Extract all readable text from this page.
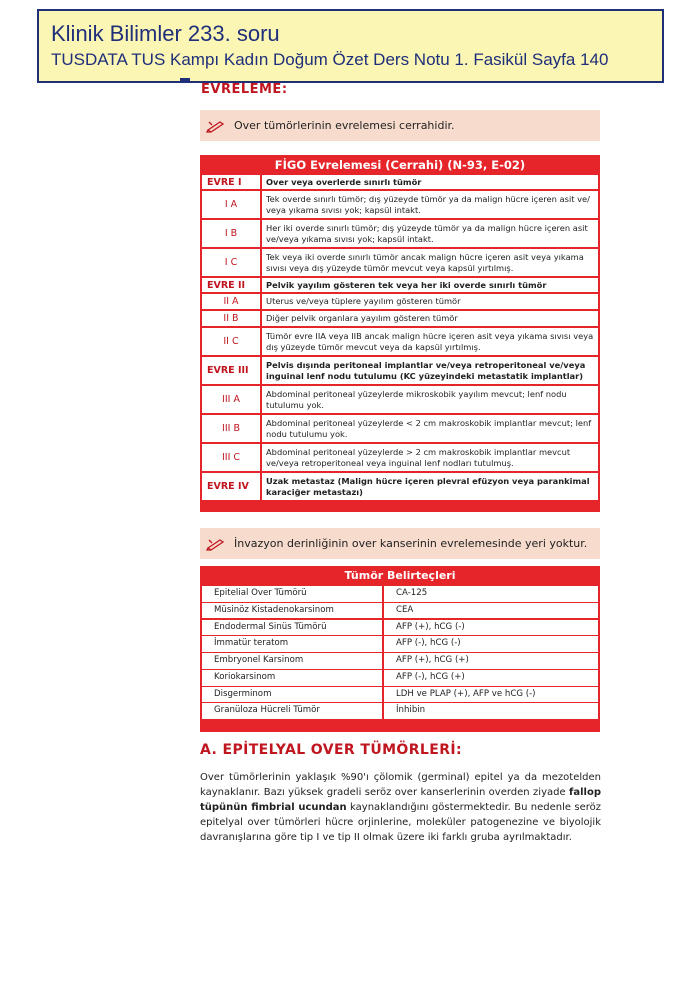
Klinik Bilimler 233. soru
TUSDATA TUS Kampı Kadın Doğum Özet Ders Notu 1. Fasikül Sayfa 140
EVRELEME:
Over tümörlerinin evrelemesi cerrahidir.
FİGO Evrelemesi (Cerrahi) (N-93, E-02)
EVRE I	Over veya overlerde sınırlı tümör
I A	Tek overde sınırlı tümör; dış yüzeyde tümör ya da malign hücre içeren asit ve/ veya yıkama sıvısı yok; kapsül intakt.
I B	Her iki overde sınırlı tümör; dış yüzeyde tümör ya da malign hücre içeren asit ve/veya yıkama sıvısı yok; kapsül intakt.
I C	Tek veya iki overde sınırlı tümör ancak malign hücre içeren asit veya yıkama sıvısı veya dış yüzeyde tümör mevcut veya kapsül yırtılmış.
EVRE II	Pelvik yayılım gösteren tek veya her iki overde sınırlı tümör
II A	Uterus ve/veya tüplere yayılım gösteren tümör
II B	Diğer pelvik organlara yayılım gösteren tümör
II C	Tümör evre IIA veya IIB ancak malign hücre içeren asit veya yıkama sıvısı veya dış yüzeyde tümör mevcut veya da kapsül yırtılmış.
EVRE III	Pelvis dışında peritoneal implantlar ve/veya retroperitoneal ve/veya inguinal lenf nodu tutulumu (KC yüzeyindeki metastatik implantlar)
III A	Abdominal peritoneal yüzeylerde mikroskobik yayılım mevcut; lenf nodu tutulumu yok.
III B	Abdominal peritoneal yüzeylerde < 2 cm makroskobik implantlar mevcut; lenf nodu tutulumu yok.
III C	Abdominal peritoneal yüzeylerde > 2 cm makroskobik implantlar mevcut ve/veya retroperitoneal veya inguinal lenf nodları tutulmuş.
EVRE IV	Uzak metastaz (Malign hücre içeren plevral efüzyon veya parankimal karaciğer metastazı)
İnvazyon derinliğinin over kanserinin evrelemesinde yeri yoktur.
Tümör Belirteçleri
Epitelial Over Tümörü	CA-125
Müsinöz Kistadenokarsinom	CEA
Endodermal Sinüs Tümörü	AFP (+), hCG (-)
İmmatür teratom	AFP (-), hCG (-)
Embryonel Karsinom	AFP (+), hCG (+)
Koriokarsinom	AFP (-), hCG (+)
Disgerminom	LDH ve PLAP (+), AFP ve hCG (-)
Granüloza Hücreli Tümör	İnhibin
A. EPİTELYAL OVER TÜMÖRLERİ:
Over tümörlerinin yaklaşık %90'ı çölomik (germinal) epitel ya da mezotelden kaynaklanır. Bazı yüksek gradeli seröz over kanserlerinin overden ziyade fallop tüpünün fimbrial ucundan kaynaklandığını göstermektedir. Bu nedenle seröz epitelyal over tümörleri hücre orjinlerine, moleküler patogenezine ve biyolojik davranışlarına göre tip I ve tip II olmak üzere iki farklı gruba ayrılmaktadır.
